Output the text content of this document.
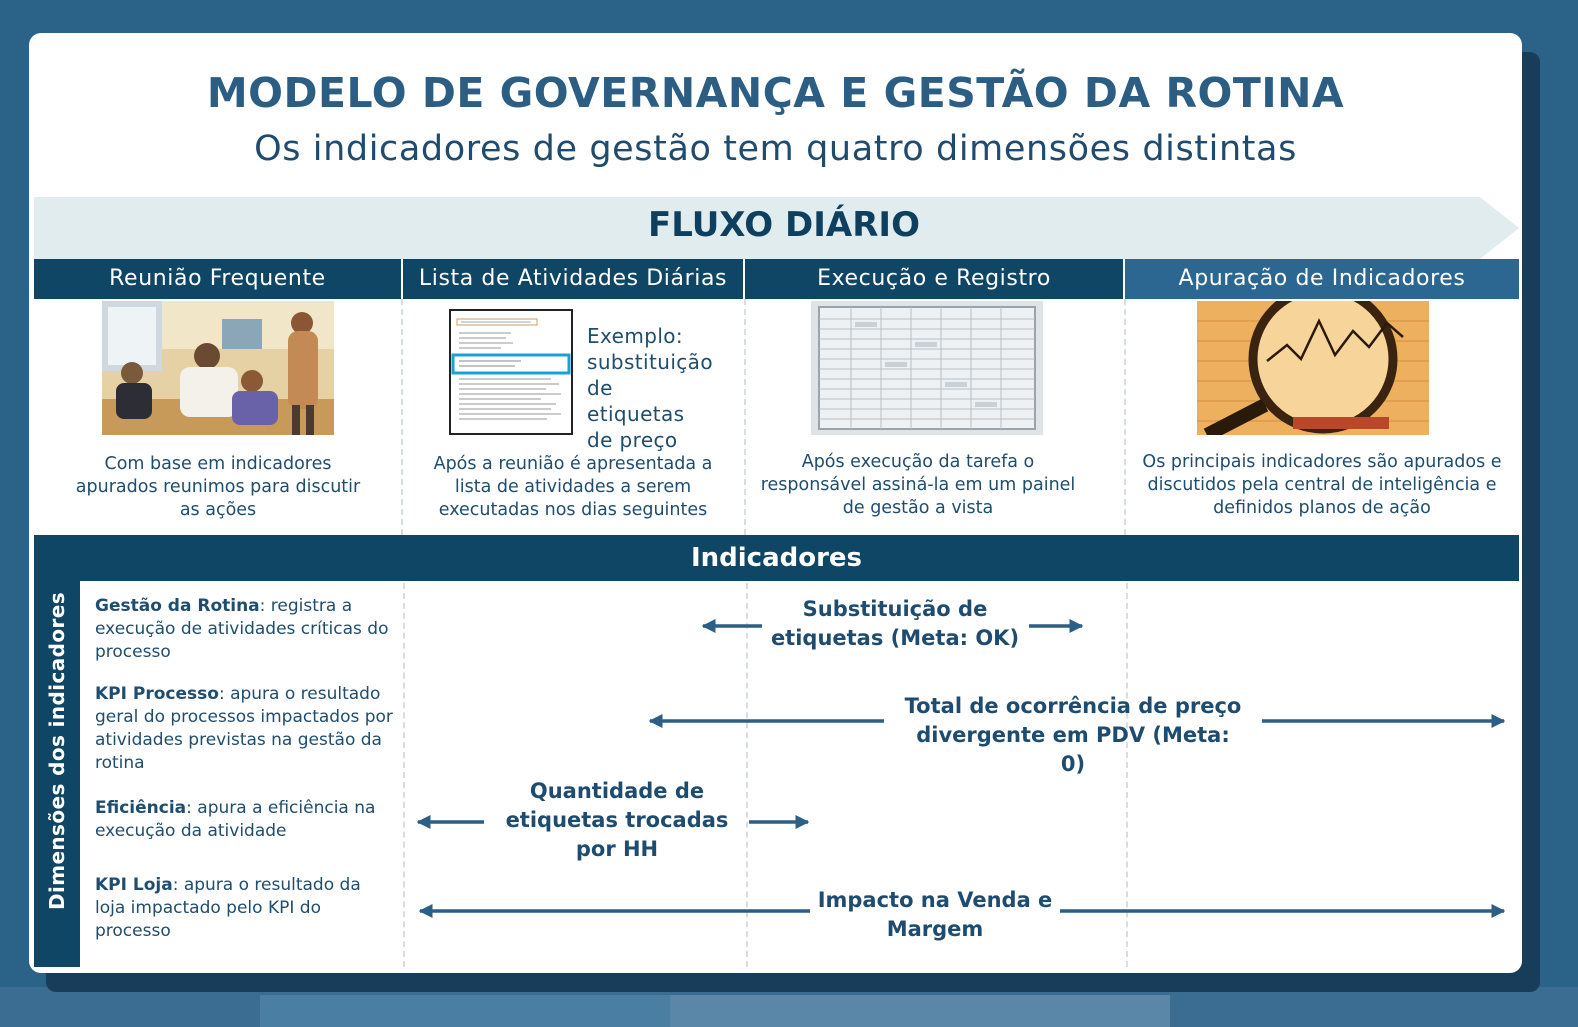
MODELO DE GOVERNANÇA E GESTÃO DA ROTINA
Os indicadores de gestão tem quatro dimensões distintas
FLUXO DIÁRIO
Reunião Frequente	Lista de Atividades Diárias	Execução e Registro	Apuração de Indicadores
Exemplo: substituição de etiquetas de preço
Com base em indicadores apurados reunimos para discutir as ações
Após a reunião é apresentada a lista de atividades a serem executadas nos dias seguintes
Após execução da tarefa o responsável assiná-la em um painel de gestão a vista
Os principais indicadores são apurados e discutidos pela central de inteligência e definidos planos de ação
Indicadores
Dimensões dos indicadores Gestão da Rotina: registra a execução de atividades críticas do processo
KPI Processo: apura o resultado geral do processos impactados por atividades previstas na gestão da rotina
Eficiência: apura a eficiência na execução da atividade
KPI Loja: apura o resultado da loja impactado pelo KPI do processo
Substituição de
etiquetas (Meta: OK)
Total de ocorrência de preço
divergente em PDV (Meta: 0)
Quantidade de
etiquetas trocadas
por HH
Impacto na Venda e
Margem
